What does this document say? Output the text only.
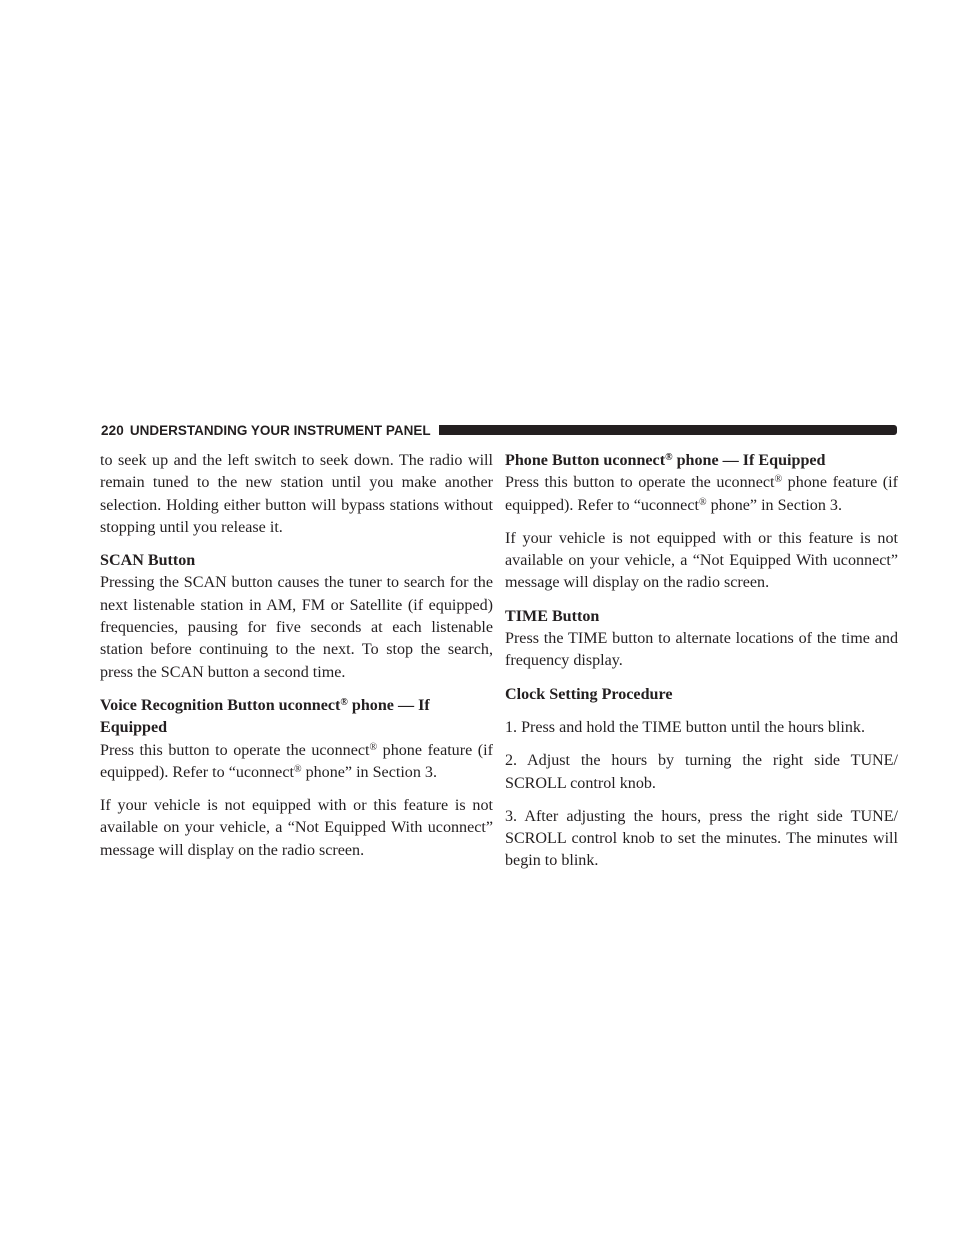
220 UNDERSTANDING YOUR INSTRUMENT PANEL

to seek up and the left switch to seek down. The radio will remain tuned to the new station until you make another selection. Holding either button will bypass stations without stopping until you release it.

SCAN Button

Pressing the SCAN button causes the tuner to search for the next listenable station in AM, FM or Satellite (if equipped) frequencies, pausing for five seconds at each listenable station before continuing to the next. To stop the search, press the SCAN button a second time.

Voice Recognition Button uconnect® phone — If Equipped

Press this button to operate the uconnect® phone feature (if equipped). Refer to “uconnect® phone” in Section 3.

If your vehicle is not equipped with or this feature is not available on your vehicle, a “Not Equipped With uconnect” message will display on the radio screen.

Phone Button uconnect® phone — If Equipped

Press this button to operate the uconnect® phone feature (if equipped). Refer to “uconnect® phone” in Section 3.

If your vehicle is not equipped with or this feature is not available on your vehicle, a “Not Equipped With uconnect” message will display on the radio screen.

TIME Button

Press the TIME button to alternate locations of the time and frequency display.

Clock Setting Procedure

1. Press and hold the TIME button until the hours blink.

2. Adjust the hours by turning the right side TUNE/ SCROLL control knob.

3. After adjusting the hours, press the right side TUNE/ SCROLL control knob to set the minutes. The minutes will begin to blink.
